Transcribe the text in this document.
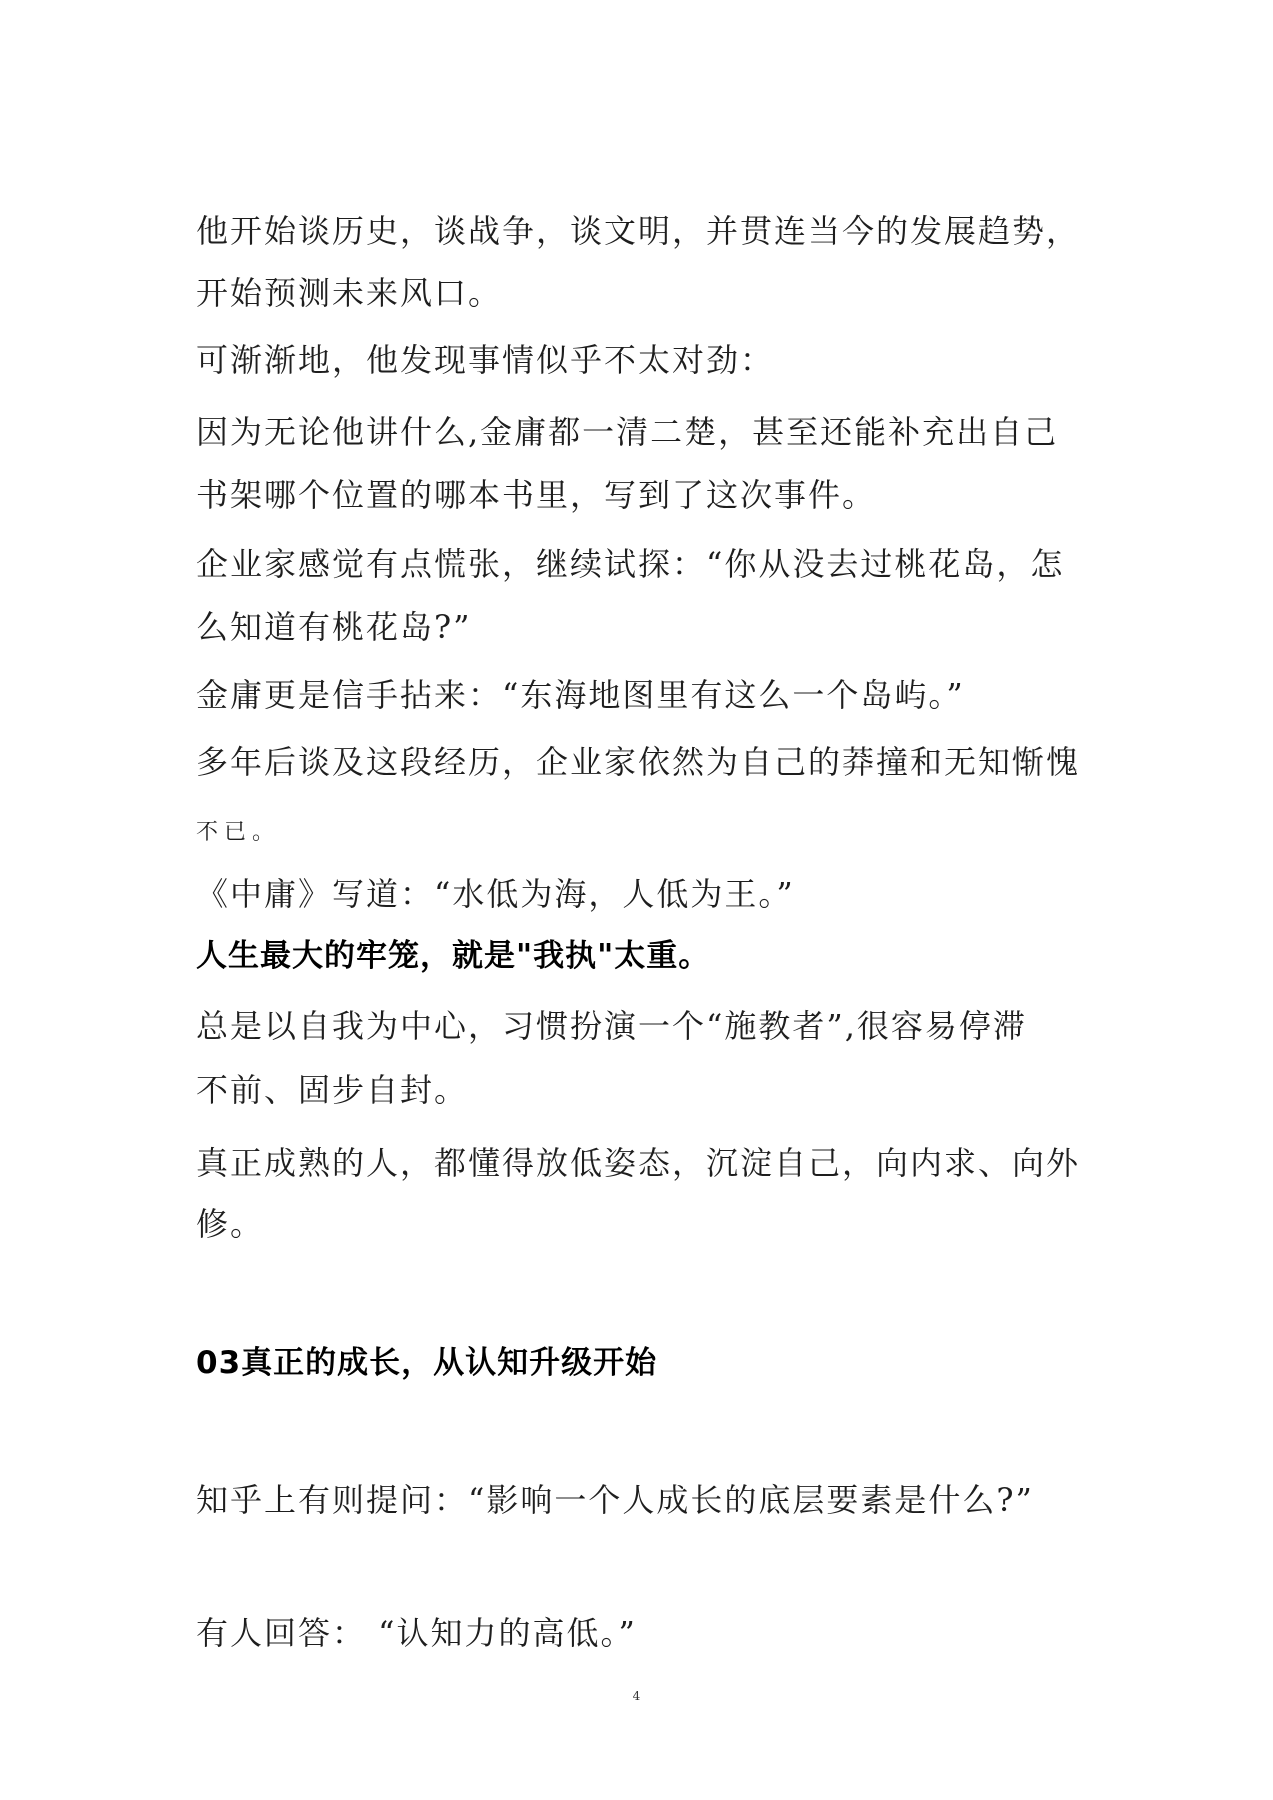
他开始谈历史，谈战争，谈文明，并贯连当今的发展趋势，
开始预测未来风口。
可渐渐地，他发现事情似乎不太对劲：
因为无论他讲什么,金庸都一清二楚，甚至还能补充出自己
书架哪个位置的哪本书里，写到了这次事件。
企业家感觉有点慌张，继续试探：“你从没去过桃花岛，怎
么知道有桃花岛?”
金庸更是信手拈来：“东海地图里有这么一个岛屿。”
多年后谈及这段经历，企业家依然为自己的莽撞和无知惭愧
不已。
《中庸》写道：“水低为海，人低为王。”
人生最大的牢笼，就是"我执"太重。
总是以自我为中心，习惯扮演一个“施教者”,很容易停滞
不前、固步自封。
真正成熟的人，都懂得放低姿态，沉淀自己，向内求、向外
修。
03真正的成长，从认知升级开始
知乎上有则提问：“影响一个人成长的底层要素是什么?”
有人回答： “认知力的高低。”
4
